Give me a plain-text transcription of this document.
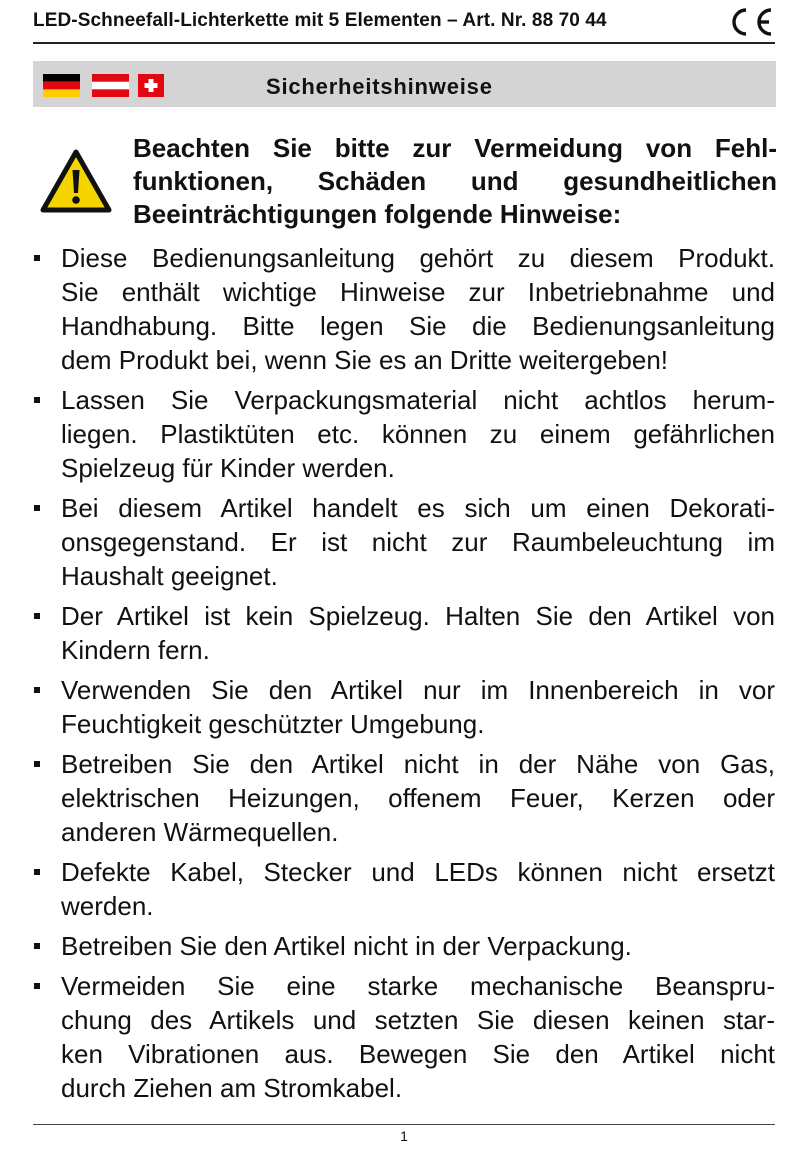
LED-Schneefall-Lichterkette mit 5 Elementen – Art. Nr. 88 70 44
Sicherheitshinweise
Beachten Sie bitte zur Vermeidung von Fehl-
funktionen, Schäden und gesundheitlichen
Beeinträchtigungen folgende Hinweise:
Diese Bedienungsanleitung gehört zu diesem Produkt.
Sie enthält wichtige Hinweise zur Inbetriebnahme und
Handhabung. Bitte legen Sie die Bedienungsanleitung
dem Produkt bei, wenn Sie es an Dritte weitergeben!
Lassen Sie Verpackungsmaterial nicht achtlos herum-
liegen. Plastiktüten etc. können zu einem gefährlichen
Spielzeug für Kinder werden.
Bei diesem Artikel handelt es sich um einen Dekorati-
onsgegenstand. Er ist nicht zur Raumbeleuchtung im
Haushalt geeignet.
Der Artikel ist kein Spielzeug. Halten Sie den Artikel von
Kindern fern.
Verwenden Sie den Artikel nur im Innenbereich in vor
Feuchtigkeit geschützter Umgebung.
Betreiben Sie den Artikel nicht in der Nähe von Gas,
elektrischen Heizungen, offenem Feuer, Kerzen oder
anderen Wärmequellen.
Defekte Kabel, Stecker und LEDs können nicht ersetzt
werden.
Betreiben Sie den Artikel nicht in der Verpackung.
Vermeiden Sie eine starke mechanische Beanspru-
chung des Artikels und setzten Sie diesen keinen star-
ken Vibrationen aus. Bewegen Sie den Artikel nicht
durch Ziehen am Stromkabel.
1
